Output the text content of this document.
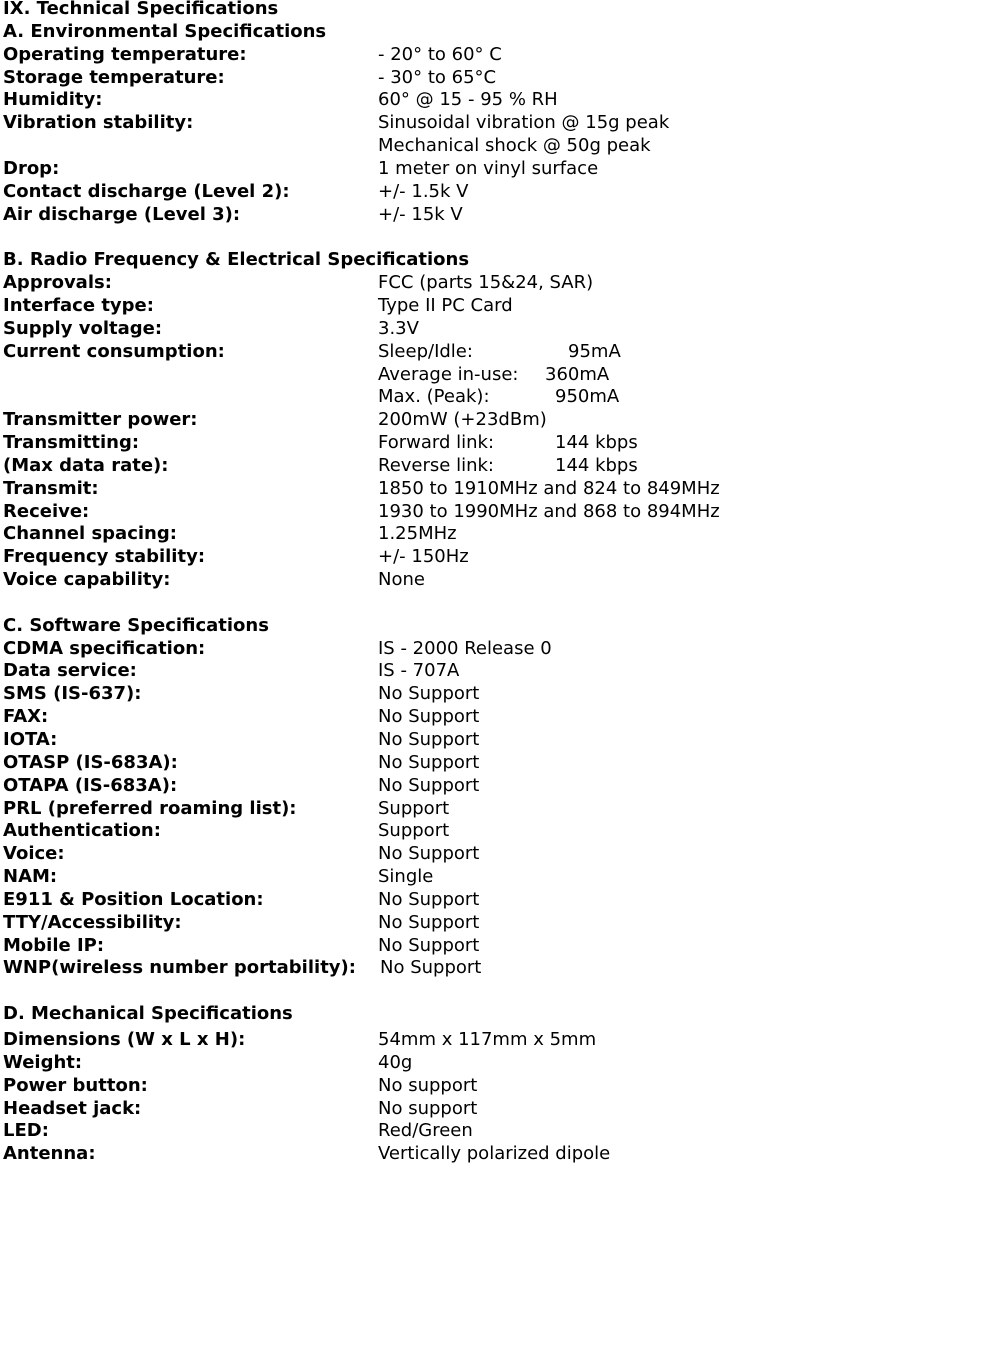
IX. Technical Specifications
A. Environmental Specifications
Operating temperature:	- 20° to 60° C
Storage temperature:	- 30° to 65°C
Humidity:	60° @ 15 - 95 % RH
Vibration stability:	Sinusoidal vibration @ 15g peak
Mechanical shock @ 50g peak
Drop:	1 meter on vinyl surface
Contact discharge (Level 2):	+/- 1.5k V
Air discharge (Level 3):	+/- 15k V
B. Radio Frequency & Electrical Specifications
Approvals:	FCC (parts 15&24, SAR)
Interface type:	Type II PC Card
Supply voltage:	3.3V
Current consumption:	Sleep/Idle:	95mA
Average in-use: 360mA
Max. (Peak):	950mA
Transmitter power:	200mW (+23dBm)
Transmitting:	Forward link:	144 kbps
(Max data rate):	Reverse link:	144 kbps
Transmit:	1850 to 1910MHz and 824 to 849MHz
Receive:	1930 to 1990MHz and 868 to 894MHz
Channel spacing:	1.25MHz
Frequency stability:	+/- 150Hz
Voice capability:	None
C. Software Specifications
CDMA specification:	IS - 2000 Release 0
Data service:	IS - 707A
SMS (IS-637):	No Support
FAX:	No Support
IOTA:	No Support
OTASP (IS-683A):	No Support
OTAPA (IS-683A):	No Support
PRL (preferred roaming list):	Support
Authentication:	Support
Voice:	No Support
NAM:	Single
E911 & Position Location:	No Support
TTY/Accessibility:	No Support
Mobile IP:	No Support
WNP(wireless number portability): No Support
D. Mechanical Specifications
Dimensions (W x L x H):	54mm x 117mm x 5mm
Weight:	40g
Power button:	No support
Headset jack:	No support
LED:	Red/Green
Antenna:	Vertically polarized dipole
